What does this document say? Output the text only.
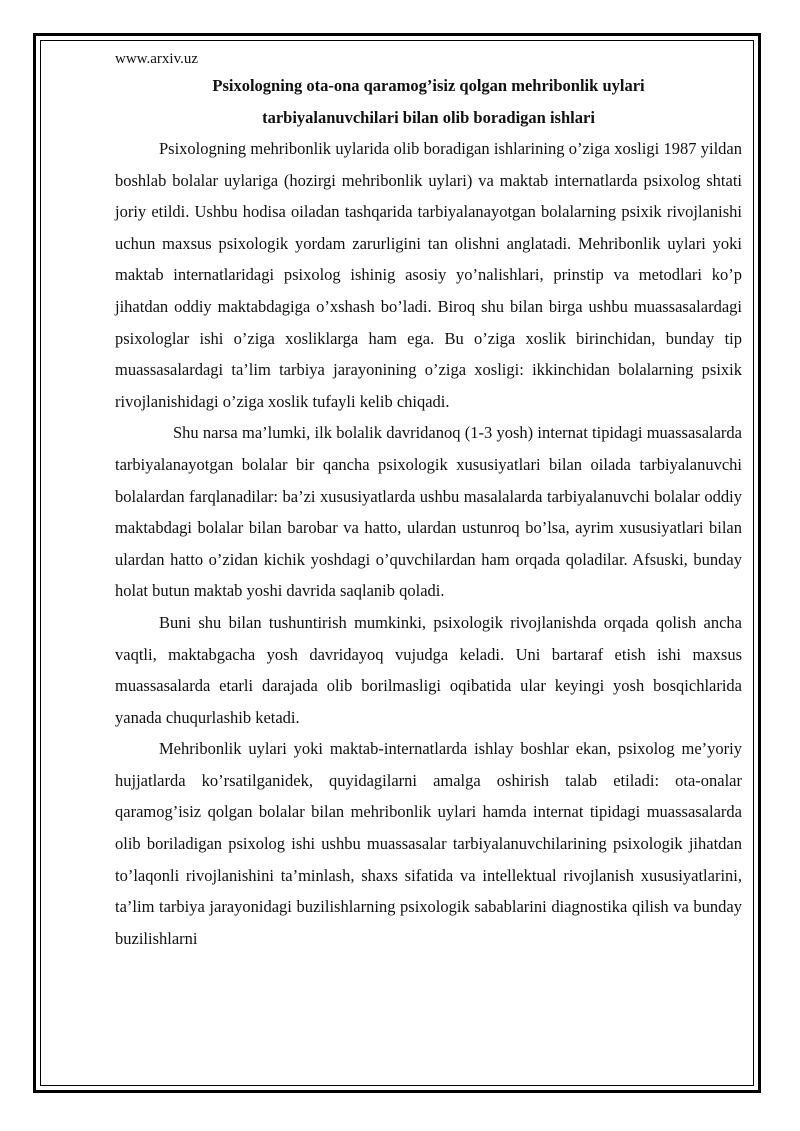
www.arxiv.uz

Psixologning ota-ona qaramog’isiz qolgan mehribonlik uylari

tarbiyalanuvchilari bilan olib boradigan ishlari

Psixologning mehribonlik uylarida olib boradigan ishlarining o’ziga xosligi 1987 yildan boshlab bolalar uylariga (hozirgi mehribonlik uylari) va maktab internatlarda psixolog shtati joriy etildi. Ushbu hodisa oiladan tashqarida tarbiyalanayotgan bolalarning psixik rivojlanishi uchun maxsus psixologik yordam zarurligini tan olishni anglatadi. Mehribonlik uylari yoki maktab internatlaridagi psixolog ishinig asosiy yo’nalishlari, prinstip va metodlari ko’p jihatdan oddiy maktabdagiga o’xshash bo’ladi. Biroq shu bilan birga ushbu muassasalardagi psixologlar ishi o’ziga xosliklarga ham ega. Bu o’ziga xoslik birinchidan, bunday tip muassasalardagi ta’lim tarbiya jarayonining o’ziga xosligi: ikkinchidan bolalarning psixik rivojlanishidagi o’ziga xoslik tufayli kelib chiqadi.

Shu narsa ma’lumki, ilk bolalik davridanoq (1-3 yosh) internat tipidagi muassasalarda tarbiyalanayotgan bolalar bir qancha psixologik xususiyatlari bilan oilada tarbiyalanuvchi bolalardan farqlanadilar: ba’zi xususiyatlarda ushbu masalalarda tarbiyalanuvchi bolalar oddiy maktabdagi bolalar bilan barobar va hatto, ulardan ustunroq bo’lsa, ayrim xususiyatlari bilan ulardan hatto o’zidan kichik yoshdagi o’quvchilardan ham orqada qoladilar. Afsuski, bunday holat butun maktab yoshi davrida saqlanib qoladi.

Buni shu bilan tushuntirish mumkinki, psixologik rivojlanishda orqada qolish ancha vaqtli, maktabgacha yosh davridayoq vujudga keladi. Uni bartaraf etish ishi maxsus muassasalarda etarli darajada olib borilmasligi oqibatida ular keyingi yosh bosqichlarida yanada chuqurlashib ketadi.

Mehribonlik uylari yoki maktab-internatlarda ishlay boshlar ekan, psixolog me’yoriy hujjatlarda ko’rsatilganidek, quyidagilarni amalga oshirish talab etiladi: ota-onalar qaramog’isiz qolgan bolalar bilan mehribonlik uylari hamda internat tipidagi muassasalarda olib boriladigan psixolog ishi ushbu muassasalar tarbiyalanuvchilarining psixologik jihatdan to’laqonli rivojlanishini ta’minlash, shaxs sifatida va intellektual rivojlanish xususiyatlarini, ta’lim tarbiya jarayonidagi buzilishlarning psixologik sabablarini diagnostika qilish va bunday buzilishlarni
